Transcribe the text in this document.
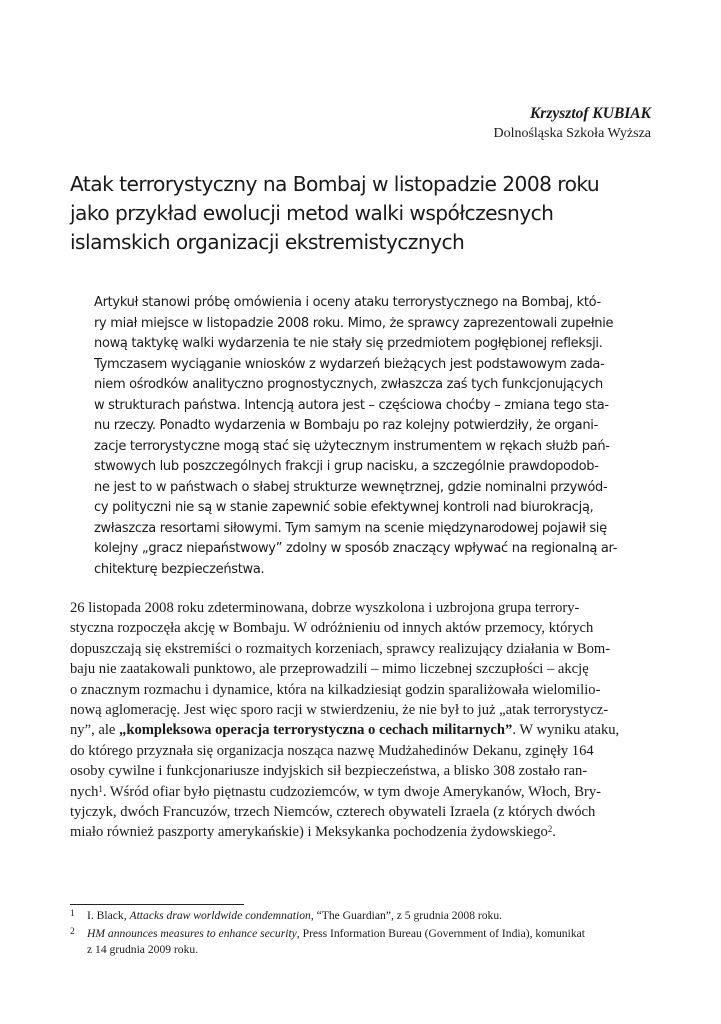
Krzysztof KUBIAK
Dolnośląska Szkoła Wyższa
Atak terrorystyczny na Bombaj w listopadzie 2008 roku
jako przykład ewolucji metod walki współczesnych
islamskich organizacji ekstremistycznych
Artykuł stanowi próbę omówienia i oceny ataku terrorystycznego na Bombaj, któ-
ry miał miejsce w listopadzie 2008 roku. Mimo, że sprawcy zaprezentowali zupełnie
nową taktykę walki wydarzenia te nie stały się przedmiotem pogłębionej refleksji.
Tymczasem wyciąganie wniosków z wydarzeń bieżących jest podstawowym zada-
niem ośrodków analityczno prognostycznych, zwłaszcza zaś tych funkcjonujących
w strukturach państwa. Intencją autora jest – częściowa choćby – zmiana tego sta-
nu rzeczy. Ponadto wydarzenia w Bombaju po raz kolejny potwierdziły, że organi-
zacje terrorystyczne mogą stać się użytecznym instrumentem w rękach służb pań-
stwowych lub poszczególnych frakcji i grup nacisku, a szczególnie prawdopodob-
ne jest to w państwach o słabej strukturze wewnętrznej, gdzie nominalni przywód-
cy polityczni nie są w stanie zapewnić sobie efektywnej kontroli nad biurokracją,
zwłaszcza resortami siłowymi. Tym samym na scenie międzynarodowej pojawił się
kolejny „gracz niepaństwowy” zdolny w sposób znaczący wpływać na regionalną ar-
chitekturę bezpieczeństwa.
26 listopada 2008 roku zdeterminowana, dobrze wyszkolona i uzbrojona grupa terrory-
styczna rozpoczęła akcję w Bombaju. W odróżnieniu od innych aktów przemocy, których
dopuszczają się ekstremiści o rozmaitych korzeniach, sprawcy realizujący działania w Bom-
baju nie zaatakowali punktowo, ale przeprowadzili – mimo liczebnej szczupłości – akcję
o znacznym rozmachu i dynamice, która na kilkadziesiąt godzin sparaliżowała wielomilio-
nową aglomerację. Jest więc sporo racji w stwierdzeniu, że nie był to już „atak terrorystycz-
ny”, ale „kompleksowa operacja terrorystyczna o cechach militarnych”. W wyniku ataku,
do którego przyznała się organizacja nosząca nazwę Mudżahedinów Dekanu, zginęły 164
osoby cywilne i funkcjonariusze indyjskich sił bezpieczeństwa, a blisko 308 zostało ran-
nych$^1$. Wśród ofiar było piętnastu cudzoziemców, w tym dwoje Amerykanów, Włoch, Bry-
tyjczyk, dwóch Francuzów, trzech Niemców, czterech obywateli Izraela (z których dwóch
miało również paszporty amerykańskie) i Meksykanka pochodzenia żydowskiego$^2$.
1 I. Black, Attacks draw worldwide condemnation, “The Guardian”, z 5 grudnia 2008 roku.
2 HM announces measures to enhance security, Press Information Bureau (Government of India), komunikat
z 14 grudnia 2009 roku.
